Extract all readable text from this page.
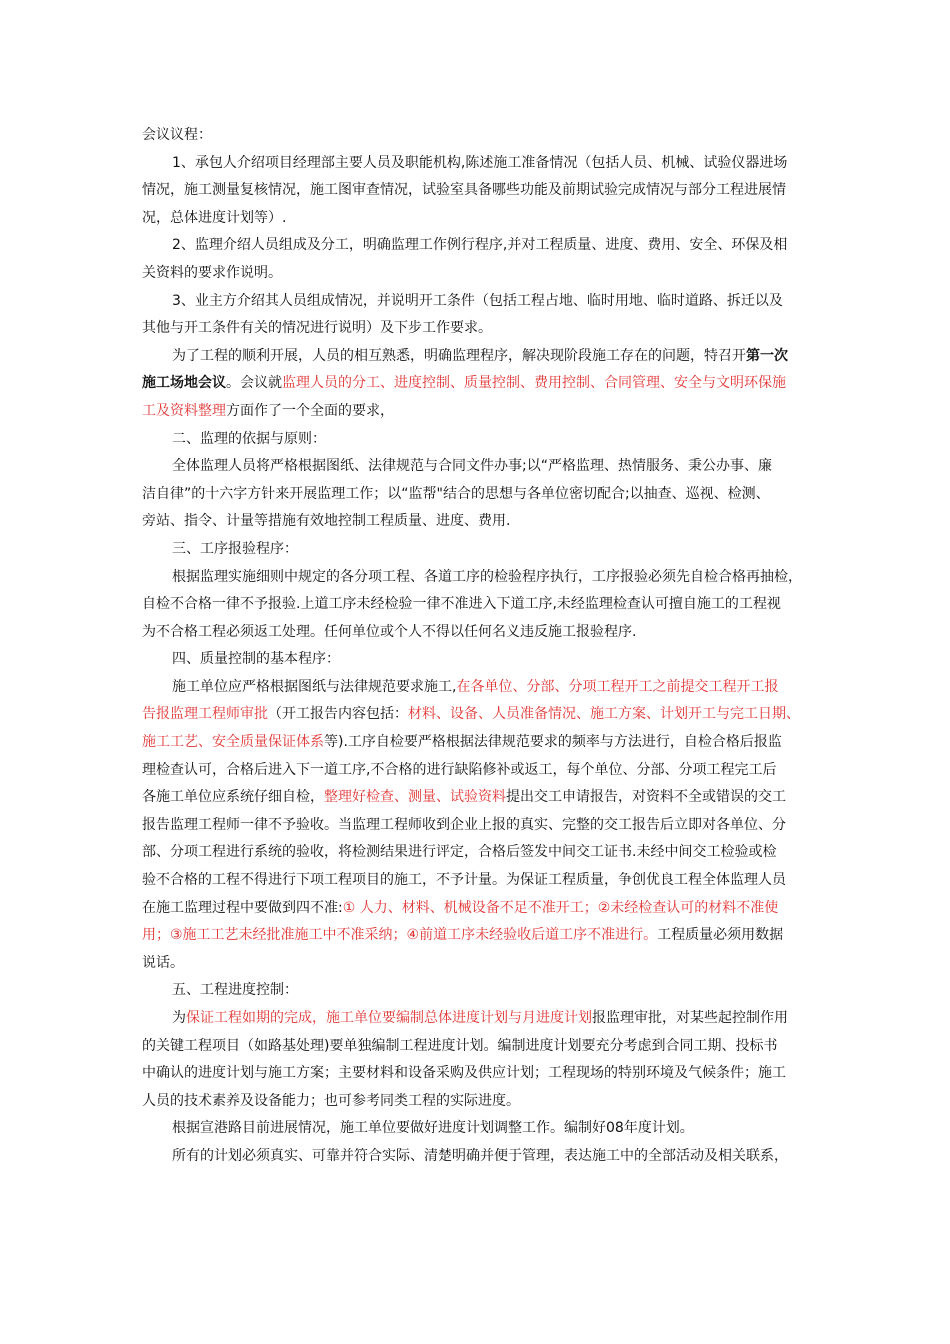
会议议程：
1、承包人介绍项目经理部主要人员及职能机构,陈述施工准备情况（包括人员、机械、试验仪器进场
情况，施工测量复核情况，施工图审查情况，试验室具备哪些功能及前期试验完成情况与部分工程进展情
况，总体进度计划等）.
2、监理介绍人员组成及分工，明确监理工作例行程序,并对工程质量、进度、费用、安全、环保及相
关资料的要求作说明。
3、业主方介绍其人员组成情况，并说明开工条件（包括工程占地、临时用地、临时道路、拆迁以及
其他与开工条件有关的情况进行说明）及下步工作要求。
为了工程的顺利开展，人员的相互熟悉，明确监理程序，解决现阶段施工存在的问题，特召开第一次
施工场地会议。会议就监理人员的分工、进度控制、质量控制、费用控制、合同管理、安全与文明环保施
工及资料整理方面作了一个全面的要求，
二、监理的依据与原则：
全体监理人员将严格根据图纸、法律规范与合同文件办事;以“严格监理、热情服务、秉公办事、廉
洁自律”的十六字方针来开展监理工作；以“监帮"结合的思想与各单位密切配合;以抽查、巡视、检测、
旁站、指令、计量等措施有效地控制工程质量、进度、费用.
三、工序报验程序：
根据监理实施细则中规定的各分项工程、各道工序的检验程序执行，工序报验必须先自检合格再抽检，
自检不合格一律不予报验.上道工序未经检验一律不准进入下道工序,未经监理检查认可擅自施工的工程视
为不合格工程必须返工处理。任何单位或个人不得以任何名义违反施工报验程序.
四、质量控制的基本程序：
施工单位应严格根据图纸与法律规范要求施工,在各单位、分部、分项工程开工之前提交工程开工报
告报监理工程师审批（开工报告内容包括：材料、设备、人员准备情况、施工方案、计划开工与完工日期、
施工工艺、安全质量保证体系等).工序自检要严格根据法律规范要求的频率与方法进行，自检合格后报监
理检查认可，合格后进入下一道工序,不合格的进行缺陷修补或返工，每个单位、分部、分项工程完工后
各施工单位应系统仔细自检，整理好检查、测量、试验资料提出交工申请报告，对资料不全或错误的交工
报告监理工程师一律不予验收。当监理工程师收到企业上报的真实、完整的交工报告后立即对各单位、分
部、分项工程进行系统的验收，将检测结果进行评定，合格后签发中间交工证书.未经中间交工检验或检
验不合格的工程不得进行下项工程项目的施工，不予计量。为保证工程质量，争创优良工程全体监理人员
在施工监理过程中要做到四不准:① 人力、材料、机械设备不足不准开工；②未经检查认可的材料不准使
用；③施工工艺未经批准施工中不准采纳；④前道工序未经验收后道工序不准进行。工程质量必须用数据
说话。
五、工程进度控制：
为保证工程如期的完成，施工单位要编制总体进度计划与月进度计划报监理审批，对某些起控制作用
的关键工程项目（如路基处理)要单独编制工程进度计划。编制进度计划要充分考虑到合同工期、投标书
中确认的进度计划与施工方案；主要材料和设备采购及供应计划；工程现场的特别环境及气候条件；施工
人员的技术素养及设备能力；也可参考同类工程的实际进度。
根据宣港路目前进展情况，施工单位要做好进度计划调整工作。编制好08年度计划。
所有的计划必须真实、可靠并符合实际、清楚明确并便于管理，表达施工中的全部活动及相关联系，
